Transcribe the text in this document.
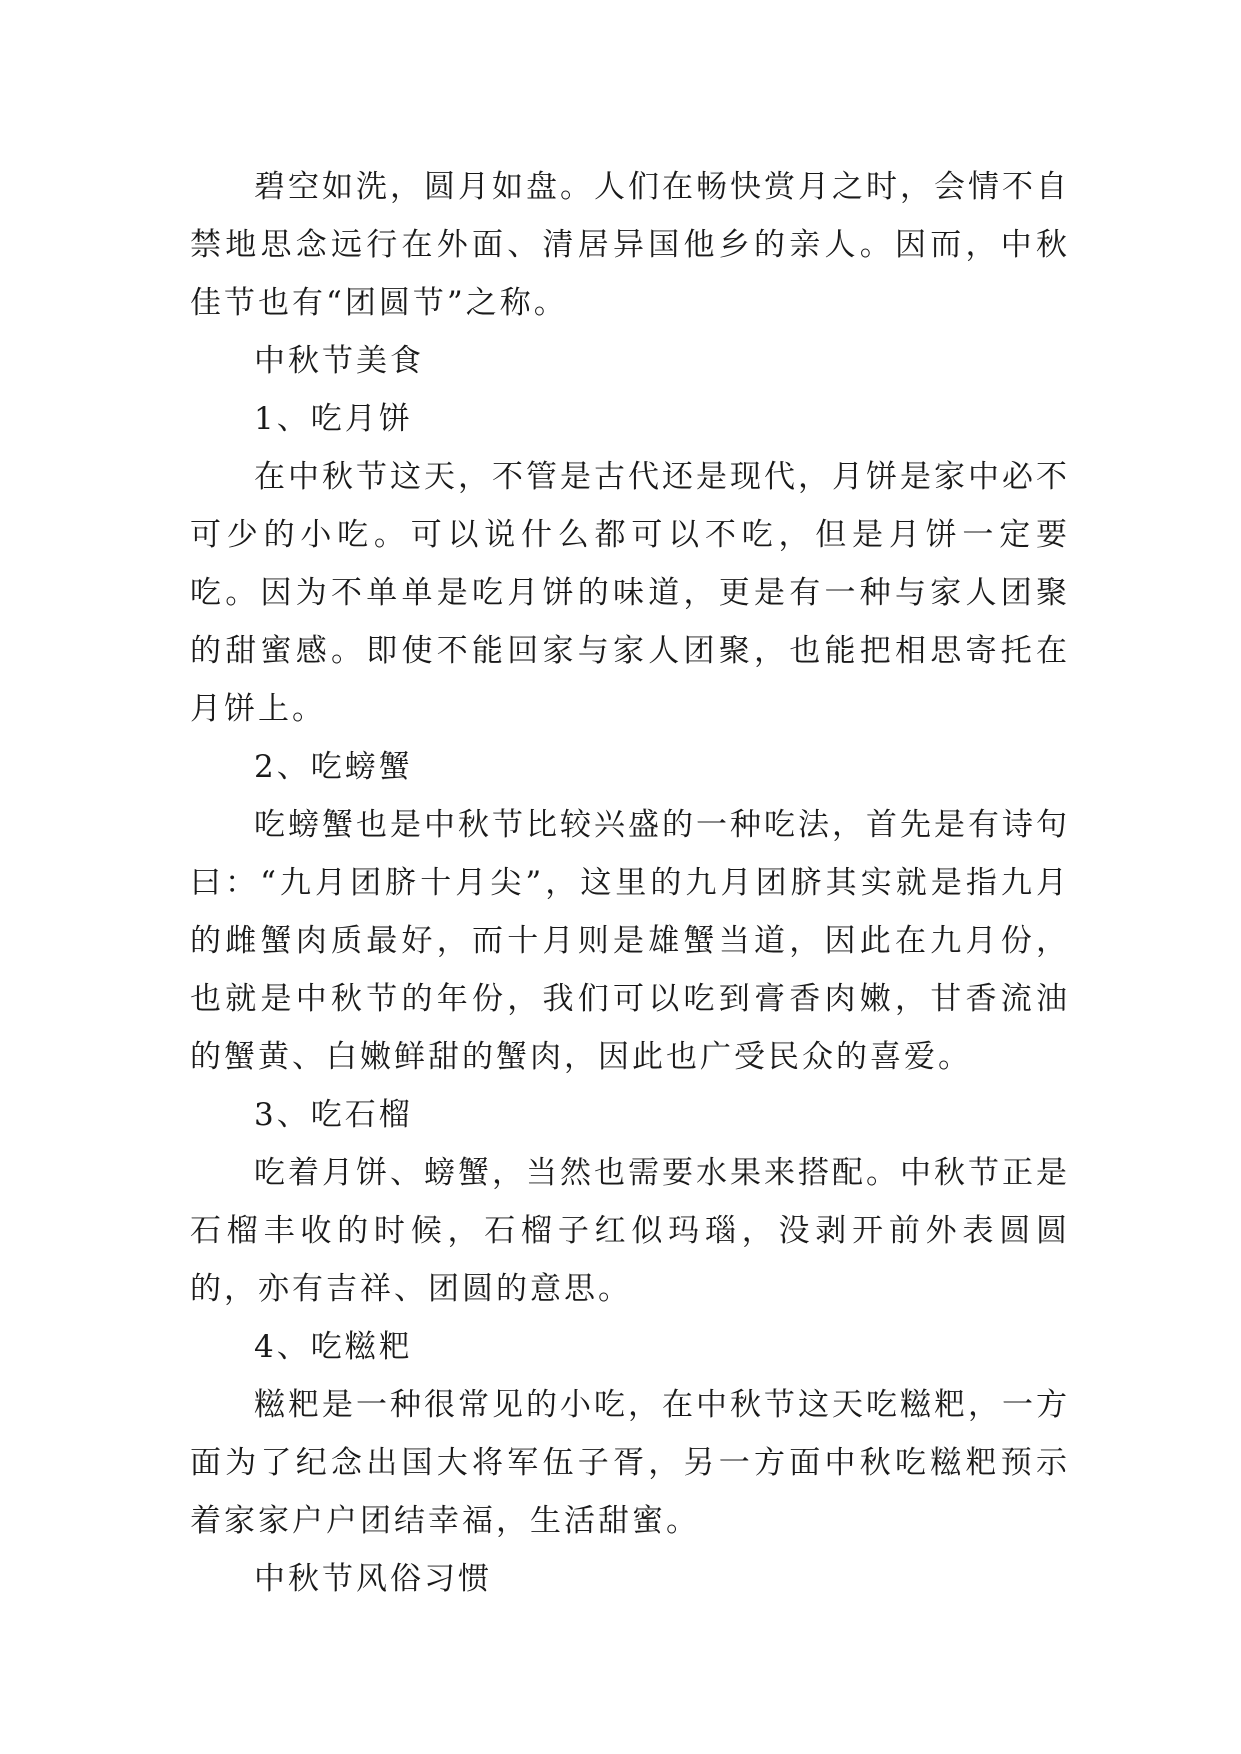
碧空如洗，圆月如盘。人们在畅快赏月之时，会情不自禁地思念远行在外面、清居异国他乡的亲人。因而，中秋佳节也有“团圆节”之称。

中秋节美食

1、吃月饼

在中秋节这天，不管是古代还是现代，月饼是家中必不可少的小吃。可以说什么都可以不吃，但是月饼一定要吃。因为不单单是吃月饼的味道，更是有一种与家人团聚的甜蜜感。即使不能回家与家人团聚，也能把相思寄托在月饼上。

2、吃螃蟹

吃螃蟹也是中秋节比较兴盛的一种吃法，首先是有诗句曰：“九月团脐十月尖”，这里的九月团脐其实就是指九月的雌蟹肉质最好，而十月则是雄蟹当道，因此在九月份，也就是中秋节的年份，我们可以吃到膏香肉嫩，甘香流油的蟹黄、白嫩鲜甜的蟹肉，因此也广受民众的喜爱。

3、吃石榴

吃着月饼、螃蟹，当然也需要水果来搭配。中秋节正是石榴丰收的时候，石榴子红似玛瑙，没剥开前外表圆圆的，亦有吉祥、团圆的意思。

4、吃糍粑

糍粑是一种很常见的小吃，在中秋节这天吃糍粑，一方面为了纪念出国大将军伍子胥，另一方面中秋吃糍粑预示着家家户户团结幸福，生活甜蜜。

中秋节风俗习惯
